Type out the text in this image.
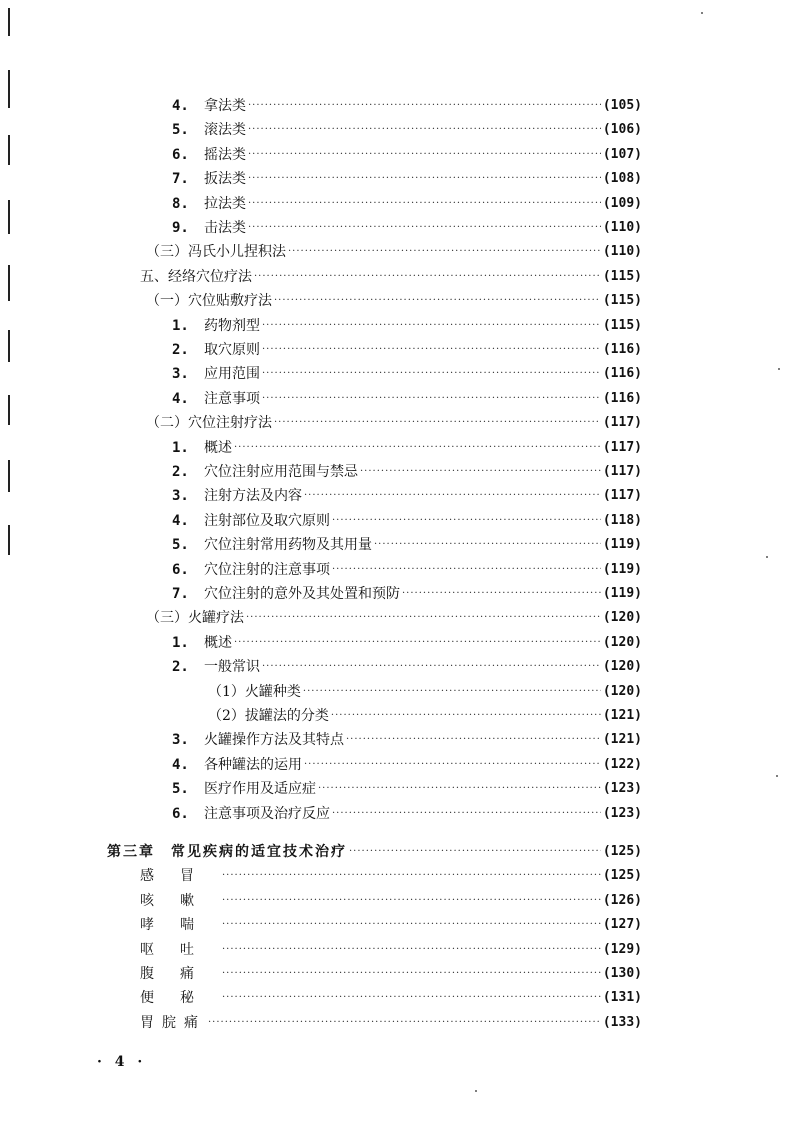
4.	拿法类 ·····	(105)
5.	滚法类 ·····	(106)
6.	摇法类 ·····	(107)
7.	扳法类 ·····	(108)
8.	拉法类 ·····	(109)
9.	击法类 ·····	(110)
（三）冯氏小儿捏积法 ·····	(110)
五、经络穴位疗法 ·····	(115)
（一）穴位贴敷疗法 ·····	(115)
1.	药物剂型 ·····	(115)
2.	取穴原则 ·····	(116)
3.	应用范围 ·····	(116)
4.	注意事项 ·····	(116)
（二）穴位注射疗法 ·····	(117)
1.	概述 ·····	(117)
2.	穴位注射应用范围与禁忌 ·····	(117)
3.	注射方法及内容 ·····	(117)
4.	注射部位及取穴原则 ·····	(118)
5.	穴位注射常用药物及其用量 ·····	(119)
6.	穴位注射的注意事项 ·····	(119)
7.	穴位注射的意外及其处置和预防 ·····	(119)
（三）火罐疗法 ·····	(120)
1.	概述 ·····	(120)
2.	一般常识 ·····	(120)
（1）火罐种类 ·····	(120)
（2）拔罐法的分类 ·····	(121)
3.	火罐操作方法及其特点 ·····	(121)
4.	各种罐法的运用 ·····	(122)
5.	医疗作用及适应症 ·····	(123)
6.	注意事项及治疗反应 ·····	(123)
第三章　常见疾病的适宜技术治疗 ·····	(125)
感冒 ·····	(125)
咳嗽 ·····	(126)
哮喘 ·····	(127)
呕吐 ·····	(129)
腹痛 ·····	(130)
便秘 ·····	(131)
胃脘痛 ·····	(133)
· 4 ·
